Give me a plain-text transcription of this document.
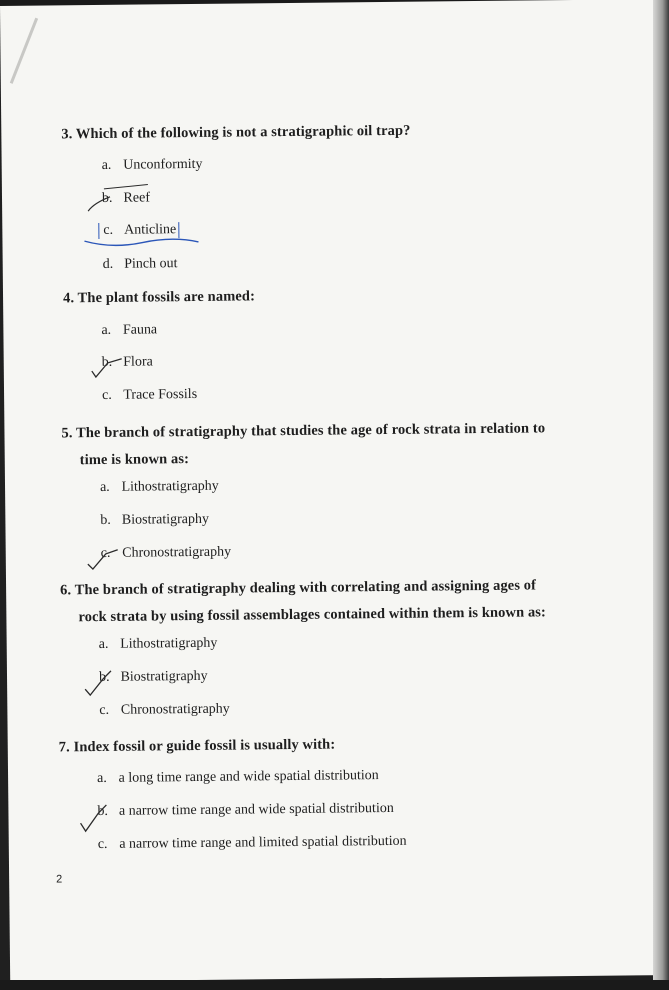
3. Which of the following is not a stratigraphic oil trap?
a. Unconformity
b. Reef
c. Anticline
d. Pinch out
4. The plant fossils are named:
a. Fauna
b. Flora
c. Trace Fossils
5. The branch of stratigraphy that studies the age of rock strata in relation to
time is known as:
a. Lithostratigraphy
b. Biostratigraphy
c. Chronostratigraphy
6. The branch of stratigraphy dealing with correlating and assigning ages of
rock strata by using fossil assemblages contained within them is known as:
a. Lithostratigraphy
b. Biostratigraphy
c. Chronostratigraphy
7. Index fossil or guide fossil is usually with:
a. a long time range and wide spatial distribution
b. a narrow time range and wide spatial distribution
c. a narrow time range and limited spatial distribution
2
